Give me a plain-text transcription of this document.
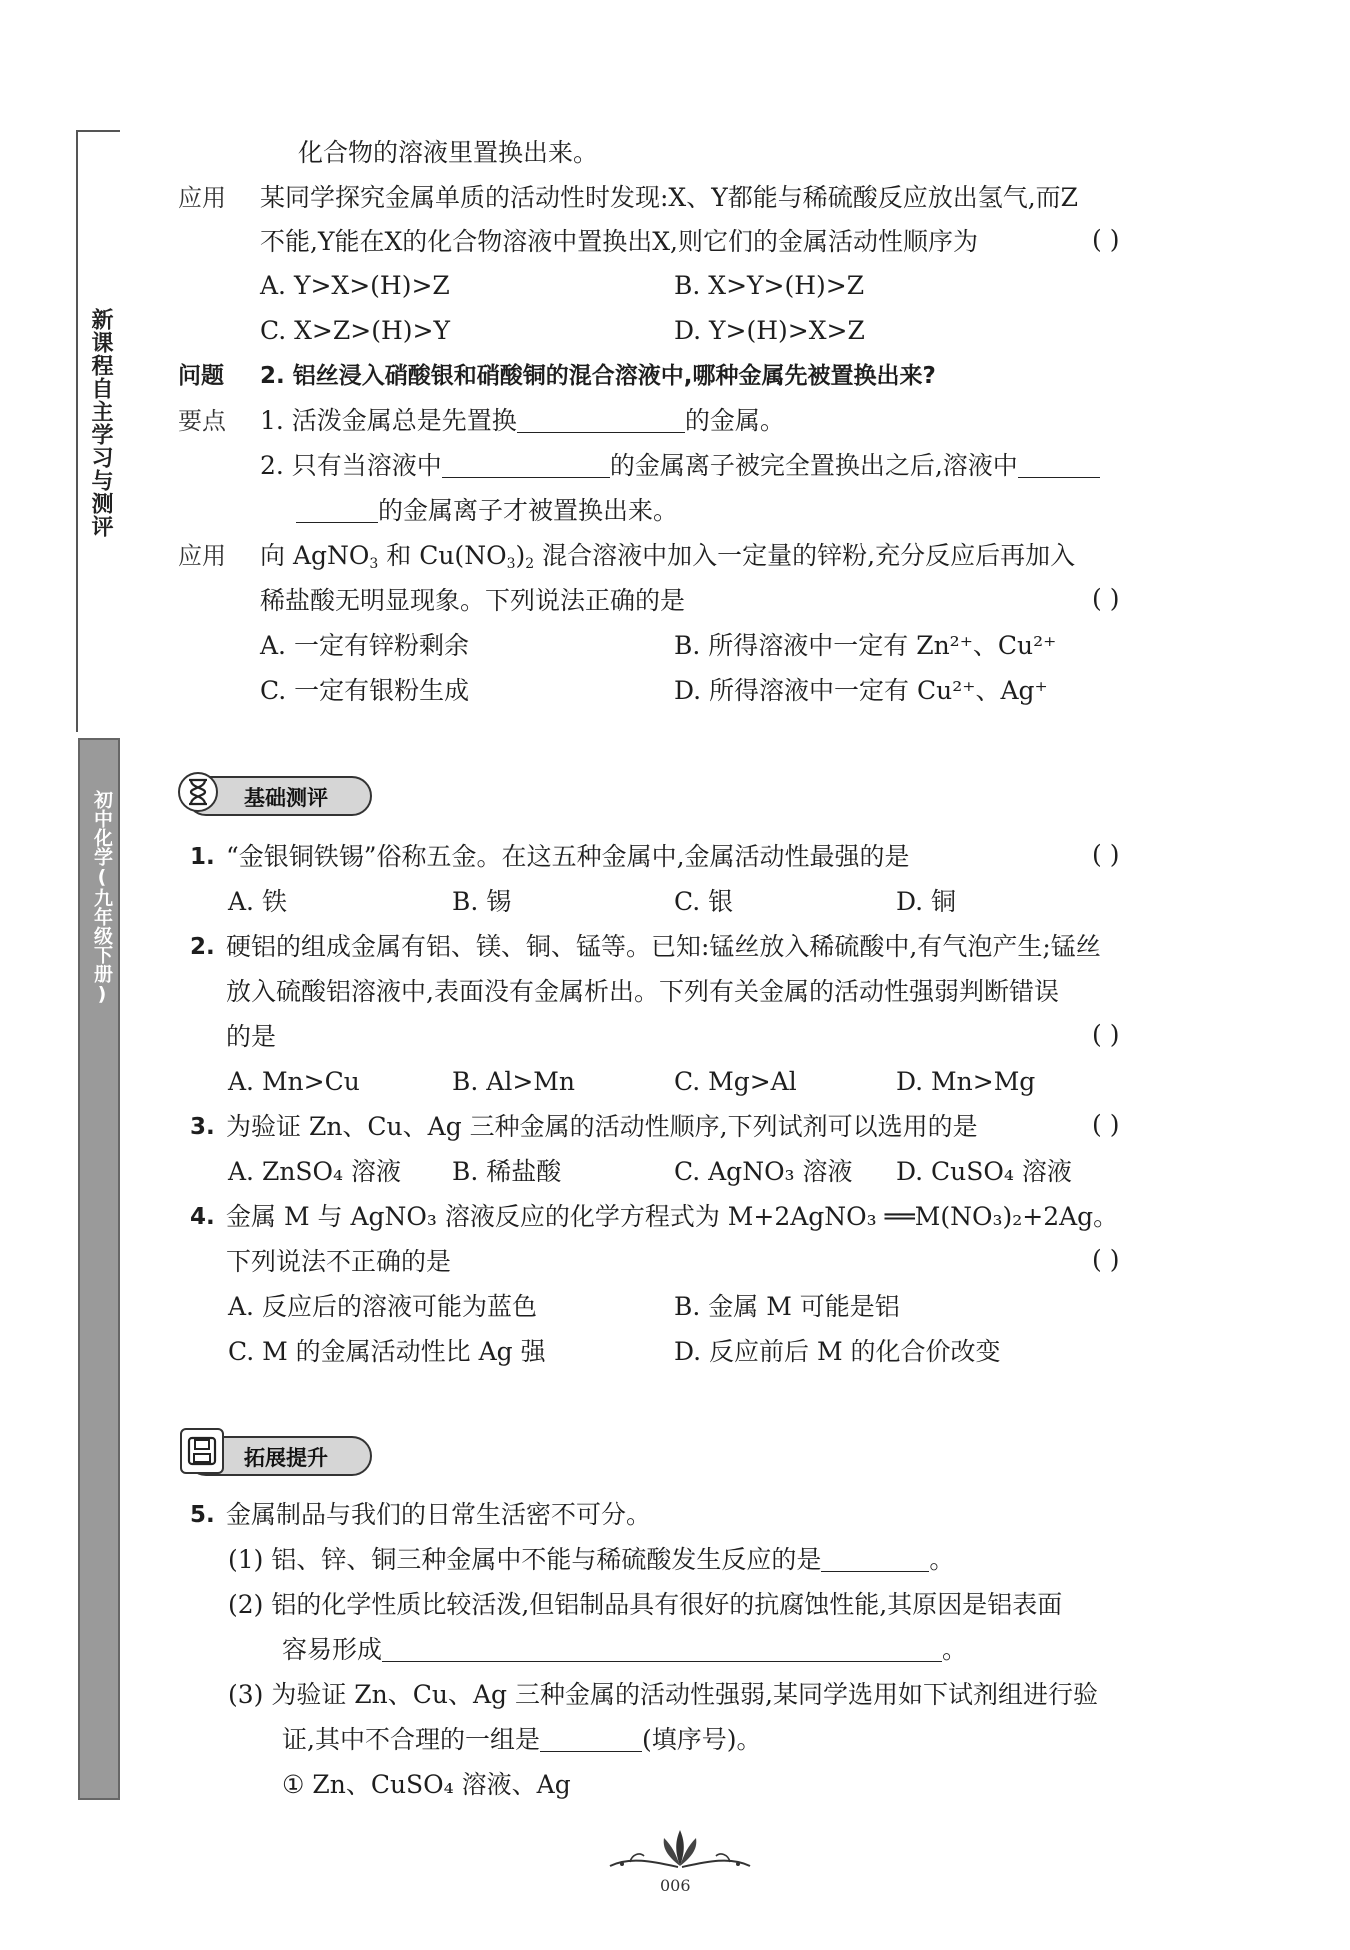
新课程自主学习与测评
初中化学(九年级下册)
化合物的溶液里置换出来。
应用 某同学探究金属单质的活动性时发现:X、Y都能与稀硫酸反应放出氢气,而Z
不能,Y能在X的化合物溶液中置换出X,则它们的金属活动性顺序为	( )
A. Y>X>(H)>Z	B. X>Y>(H)>Z
C. X>Z>(H)>Y	D. Y>(H)>X>Z
问题 2. 铝丝浸入硝酸银和硝酸铜的混合溶液中,哪种金属先被置换出来?
要点 1. 活泼金属总是先置换	的金属。
2. 只有当溶液中	的金属离子被完全置换出之后,溶液中
的金属离子才被置换出来。
应用 向 AgNO$_3$ 和 $Cu(NO_3)_2$ 混合溶液中加入一定量的锌粉,充分反应后再加入
稀盐酸无明显现象。下列说法正确的是	( )
A. 一定有锌粉剩余	B. 所得溶液中一定有 Zn²⁺、Cu²⁺
C. 一定有银粉生成	D. 所得溶液中一定有 Cu²⁺、Ag⁺
基础测评
1. “金银铜铁锡”俗称五金。在这五种金属中,金属活动性最强的是	( )
A. 铁	B. 锡	C. 银	D. 铜
2. 硬铝的组成金属有铝、镁、铜、锰等。已知:锰丝放入稀硫酸中,有气泡产生;锰丝
放入硫酸铝溶液中,表面没有金属析出。下列有关金属的活动性强弱判断错误
的是	( )
A. Mn>Cu	B. Al>Mn	C. Mg>Al	D. Mn>Mg
3. 为验证 Zn、Cu、Ag 三种金属的活动性顺序,下列试剂可以选用的是	( )
A. ZnSO₄ 溶液 B. 稀盐酸	C. AgNO₃ 溶液 D. CuSO₄ 溶液
4. 金属 M 与 AgNO₃ 溶液反应的化学方程式为 M+2AgNO₃ ══M(NO₃)₂+2Ag。
下列说法不正确的是	( )
A. 反应后的溶液可能为蓝色	B. 金属 M 可能是铝
C. M 的金属活动性比 Ag 强	D. 反应前后 M 的化合价改变
拓展提升
5. 金属制品与我们的日常生活密不可分。
(1) 铝、锌、铜三种金属中不能与稀硫酸发生反应的是	。
(2) 铝的化学性质比较活泼,但铝制品具有很好的抗腐蚀性能,其原因是铝表面
容易形成	。
(3) 为验证 Zn、Cu、Ag 三种金属的活动性强弱,某同学选用如下试剂组进行验
证,其中不合理的一组是	(填序号)。
① Zn、CuSO₄ 溶液、Ag
006
